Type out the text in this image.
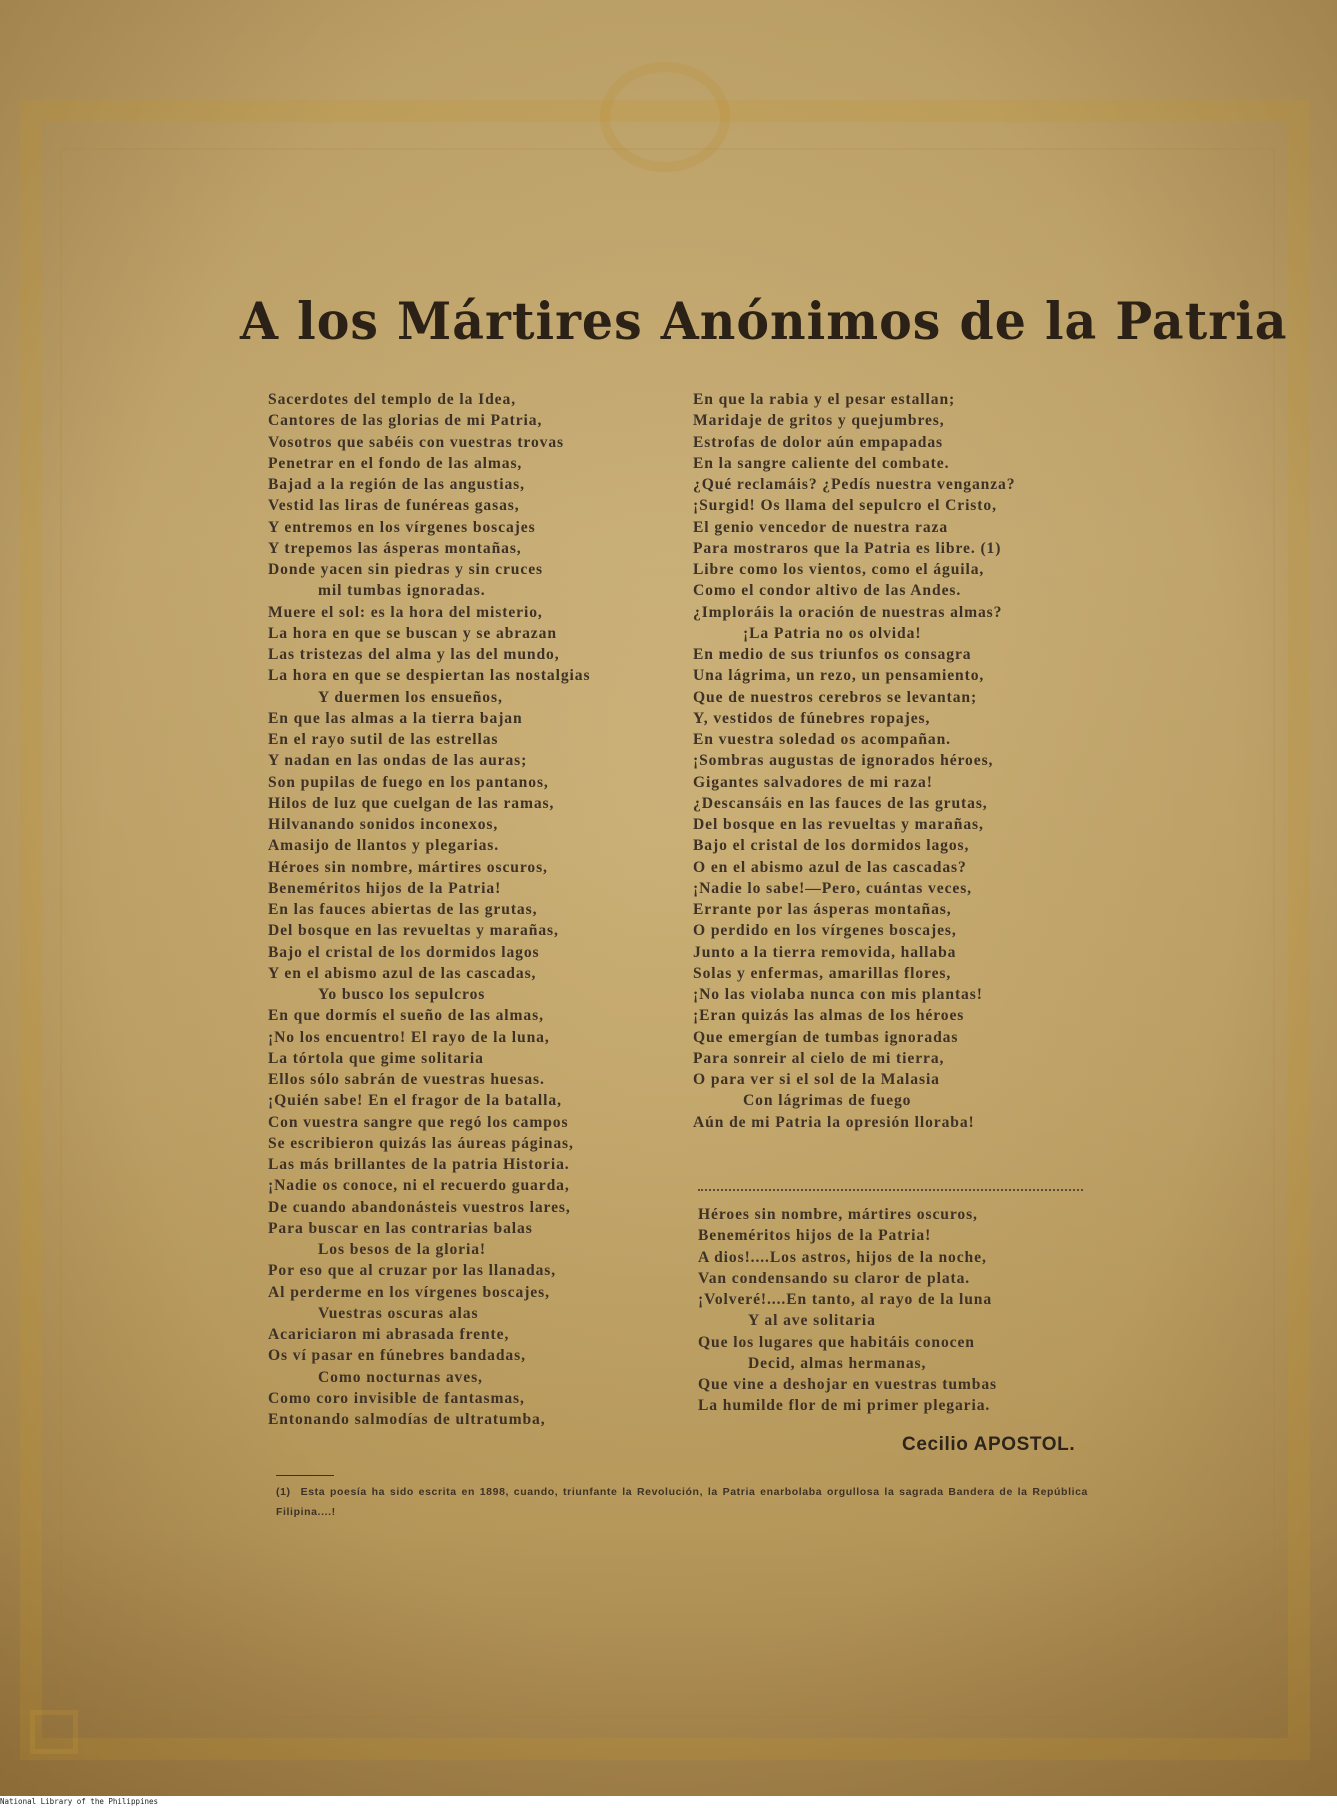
A los Mártires Anónimos de la Patria
Sacerdotes del templo de la Idea,
Cantores de las glorias de mi Patria,
Vosotros que sabéis con vuestras trovas
Penetrar en el fondo de las almas,
Bajad a la región de las angustias,
Vestid las liras de funéreas gasas,
Y entremos en los vírgenes boscajes
Y trepemos las ásperas montañas,
Donde yacen sin piedras y sin cruces
mil tumbas ignoradas.
Muere el sol: es la hora del misterio,
La hora en que se buscan y se abrazan
Las tristezas del alma y las del mundo,
La hora en que se despiertan las nostalgias
Y duermen los ensueños,
En que las almas a la tierra bajan
En el rayo sutil de las estrellas
Y nadan en las ondas de las auras;
Son pupilas de fuego en los pantanos,
Hilos de luz que cuelgan de las ramas,
Hilvanando sonidos inconexos,
Amasijo de llantos y plegarias.
Héroes sin nombre, mártires oscuros,
Beneméritos hijos de la Patria!
En las fauces abiertas de las grutas,
Del bosque en las revueltas y marañas,
Bajo el cristal de los dormidos lagos
Y en el abismo azul de las cascadas,
Yo busco los sepulcros
En que dormís el sueño de las almas,
¡No los encuentro! El rayo de la luna,
La tórtola que gime solitaria
Ellos sólo sabrán de vuestras huesas.
¡Quién sabe! En el fragor de la batalla,
Con vuestra sangre que regó los campos
Se escribieron quizás las áureas páginas,
Las más brillantes de la patria Historia.
¡Nadie os conoce, ni el recuerdo guarda,
De cuando abandonásteis vuestros lares,
Para buscar en las contrarias balas
Los besos de la gloria!
Por eso que al cruzar por las llanadas,
Al perderme en los vírgenes boscajes,
Vuestras oscuras alas
Acariciaron mi abrasada frente,
Os ví pasar en fúnebres bandadas,
Como nocturnas aves,
Como coro invisible de fantasmas,
Entonando salmodías de ultratumba,
En que la rabia y el pesar estallan;
Maridaje de gritos y quejumbres,
Estrofas de dolor aún empapadas
En la sangre caliente del combate.
¿Qué reclamáis? ¿Pedís nuestra venganza?
¡Surgid! Os llama del sepulcro el Cristo,
El genio vencedor de nuestra raza
Para mostraros que la Patria es libre. (1)
Libre como los vientos, como el águila,
Como el condor altivo de las Andes.
¿Imploráis la oración de nuestras almas?
¡La Patria no os olvida!
En medio de sus triunfos os consagra
Una lágrima, un rezo, un pensamiento,
Que de nuestros cerebros se levantan;
Y, vestidos de fúnebres ropajes,
En vuestra soledad os acompañan.
¡Sombras augustas de ignorados héroes,
Gigantes salvadores de mi raza!
¿Descansáis en las fauces de las grutas,
Del bosque en las revueltas y marañas,
Bajo el cristal de los dormidos lagos,
O en el abismo azul de las cascadas?
¡Nadie lo sabe!—Pero, cuántas veces,
Errante por las ásperas montañas,
O perdido en los vírgenes boscajes,
Junto a la tierra removida, hallaba
Solas y enfermas, amarillas flores,
¡No las violaba nunca con mis plantas!
¡Eran quizás las almas de los héroes
Que emergían de tumbas ignoradas
Para sonreir al cielo de mi tierra,
O para ver si el sol de la Malasia
Con lágrimas de fuego
Aún de mi Patria la opresión lloraba!
Héroes sin nombre, mártires oscuros,
Beneméritos hijos de la Patria!
A dios!....Los astros, hijos de la noche,
Van condensando su claror de plata.
¡Volveré!....En tanto, al rayo de la luna
Y al ave solitaria
Que los lugares que habitáis conocen
Decid, almas hermanas,
Que vine a deshojar en vuestras tumbas
La humilde flor de mi primer plegaria.
Cecilio APOSTOL.

(1) Esta poesía ha sido escrita en 1898, cuando, triunfante la Revolución, la Patria enarbolaba orgullosa la sagrada Bandera de la República Filipina....!

National Library of the Philippines
